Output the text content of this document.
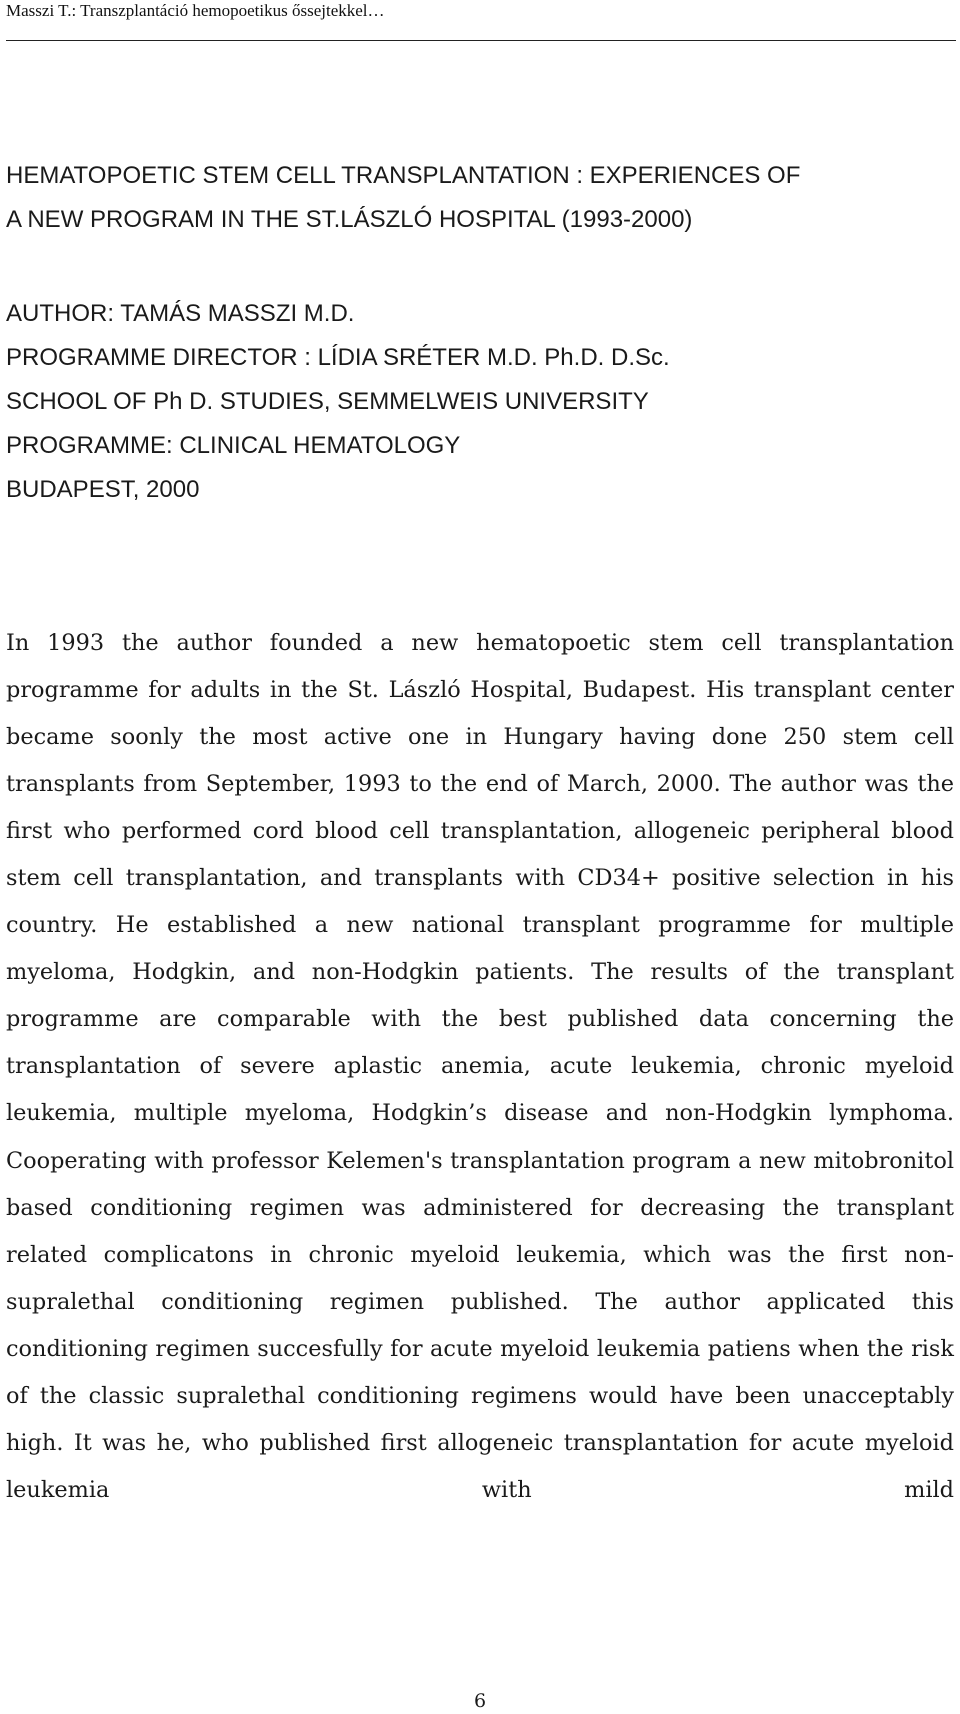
Masszi T.: Transzplantáció hemopoetikus őssejtekkel…
HEMATOPOETIC STEM CELL TRANSPLANTATION : EXPERIENCES OF
A NEW PROGRAM IN THE ST.LÁSZLÓ HOSPITAL (1993-2000)
AUTHOR: TAMÁS MASSZI M.D.
PROGRAMME DIRECTOR : LÍDIA SRÉTER M.D. Ph.D. D.Sc.
SCHOOL OF Ph D. STUDIES, SEMMELWEIS UNIVERSITY
PROGRAMME: CLINICAL HEMATOLOGY
BUDAPEST, 2000

In 1993 the author founded a new hematopoetic stem cell transplantation programme for adults in the St. László Hospital, Budapest. His transplant center became soonly the most active one in Hungary having done 250 stem cell transplants from September, 1993 to the end of March, 2000. The author was the first who performed cord blood cell transplantation, allogeneic peripheral blood stem cell transplantation, and transplants with CD34+ positive selection in his country. He established a new national transplant programme for multiple myeloma, Hodgkin, and non-Hodgkin patients. The results of the transplant programme are comparable with the best published data concerning the transplantation of severe aplastic anemia, acute leukemia, chronic myeloid leukemia, multiple myeloma, Hodgkin’s disease and non-Hodgkin lymphoma. Cooperating with professor Kelemen's transplantation program a new mitobronitol based conditioning regimen was administered for decreasing the transplant related complicatons in chronic myeloid leukemia, which was the first non-supralethal conditioning regimen published. The author applicated this conditioning regimen succesfully for acute myeloid leukemia patiens when the risk of the classic supralethal conditioning regimens would have been unacceptably high. It was he, who published first allogeneic transplantation for acute myeloid leukemia with mild

6
